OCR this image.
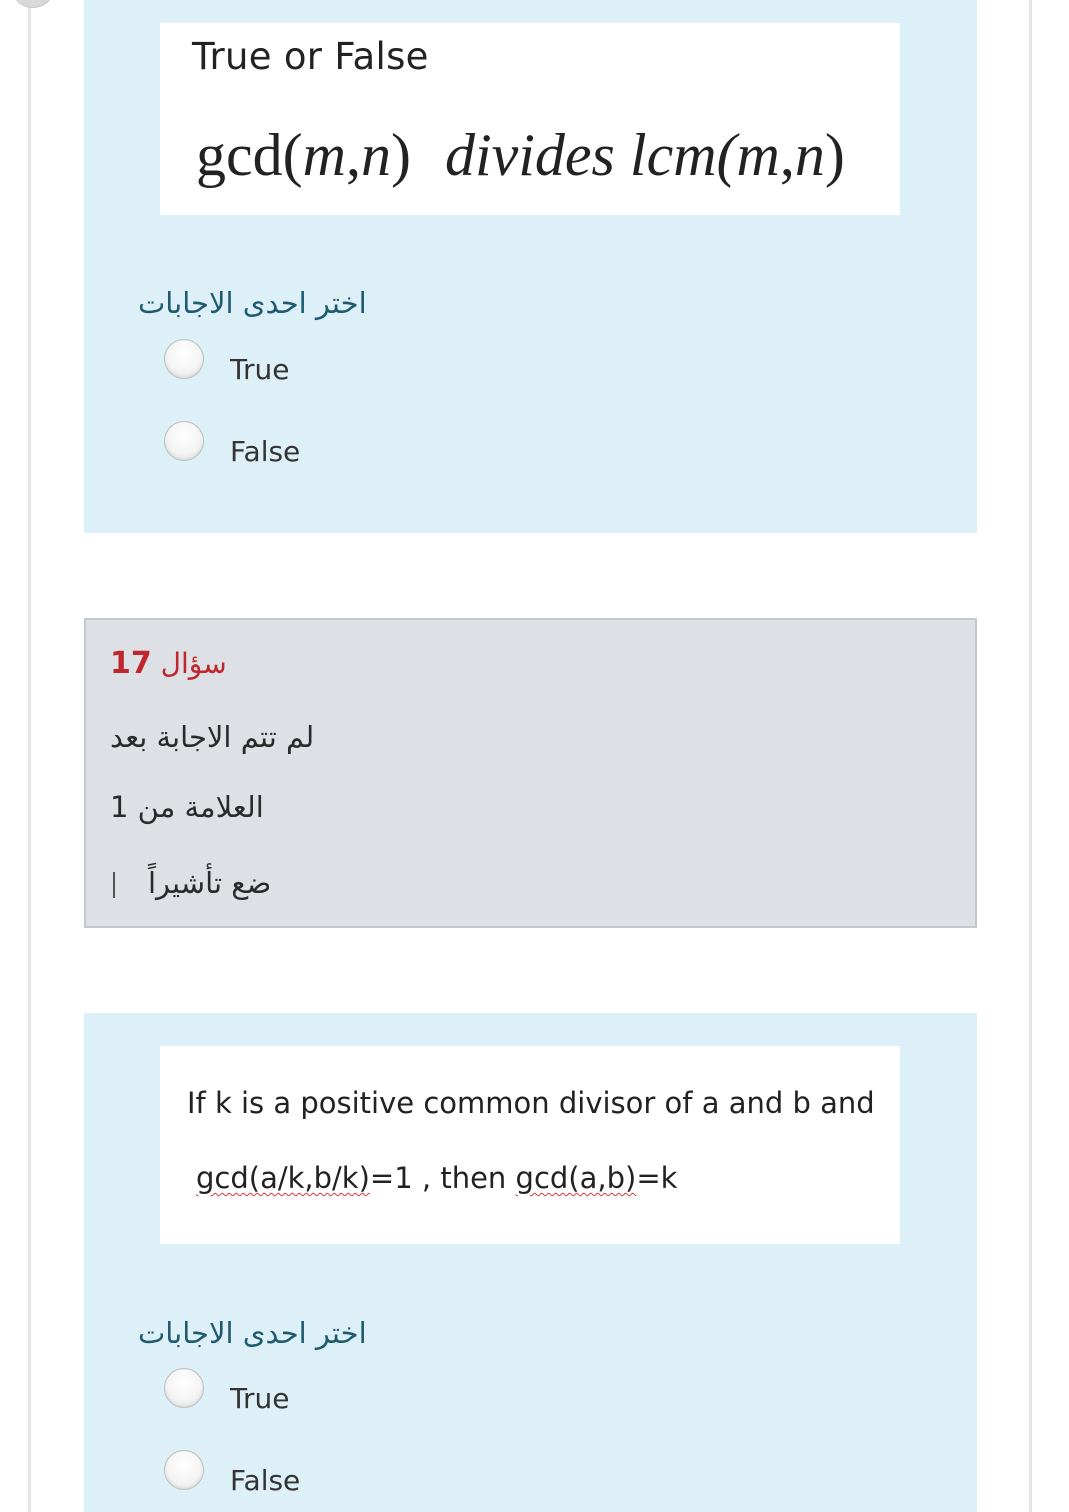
True or False
gcd(m,n) divides lcm(m,n)
اختر احدى الاجابات
True
False
سؤال 17
لم تتم الاجابة بعد
العلامة من 1
ضع تأشيراً
If k is a positive common divisor of a and b and
gcd(a/k,b/k)=1 , then gcd(a,b)=k
اختر احدى الاجابات
True
False
